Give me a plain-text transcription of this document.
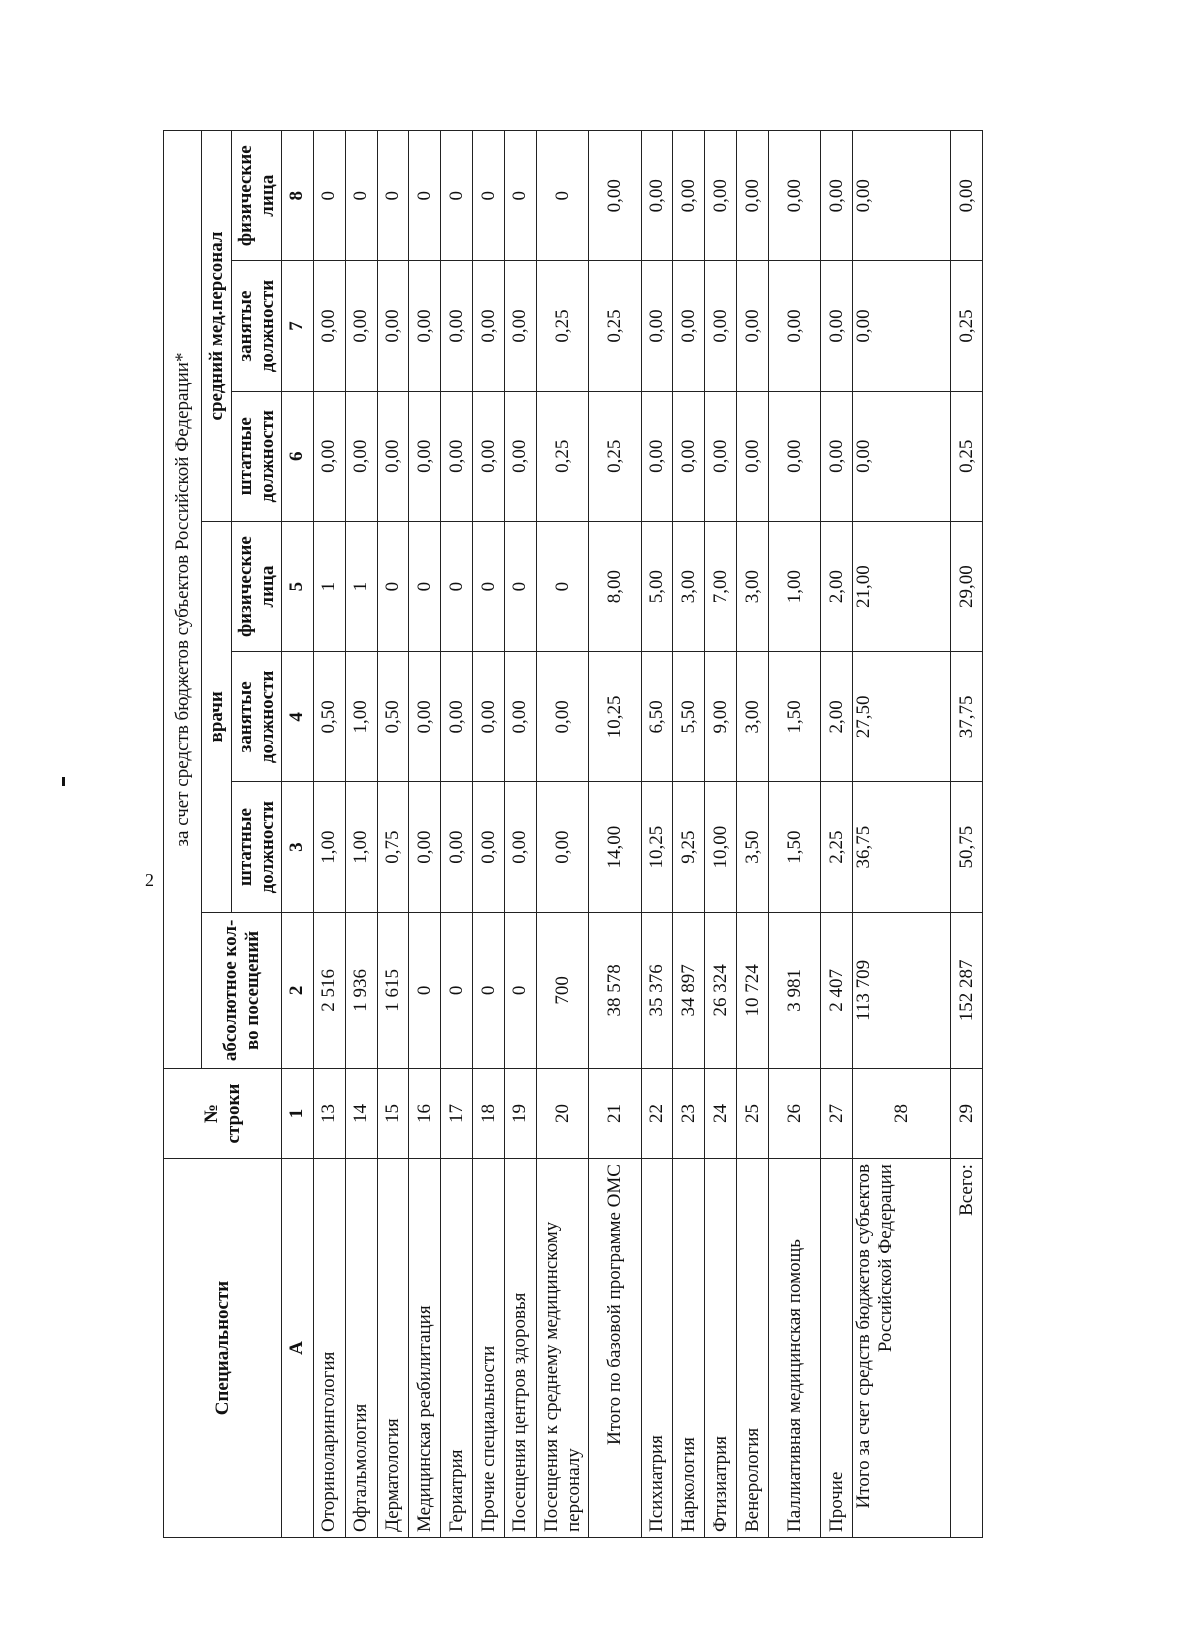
2
Специальности	№ строки	за счет средств бюджетов субъектов Российской Федерации*						
		абсолютное кол-во посещений	врачи			средний мед.персонал		
			штатные должности	занятые должности	физические лица	штатные должности	занятые должности	физические лица
А	1	2	3	4	5	6	7	8
Оториноларингология	13	2 516	1,00	0,50	1	0,00	0,00	0
Офтальмология	14	1 936	1,00	1,00	1	0,00	0,00	0
Дерматология	15	1 615	0,75	0,50	0	0,00	0,00	0
Медицинская реабилитация	16	0	0,00	0,00	0	0,00	0,00	0
Гериатрия	17	0	0,00	0,00	0	0,00	0,00	0
Прочие специальности	18	0	0,00	0,00	0	0,00	0,00	0
Посещения центров здоровья	19	0	0,00	0,00	0	0,00	0,00	0
Посещения к среднему медицинскому персоналу	20	700	0,00	0,00	0	0,25	0,25	0
Итого по базовой программе ОМС	21	38 578	14,00	10,25	8,00	0,25	0,25	0,00
Психиатрия	22	35 376	10,25	6,50	5,00	0,00	0,00	0,00
Наркология	23	34 897	9,25	5,50	3,00	0,00	0,00	0,00
Фтизиатрия	24	26 324	10,00	9,00	7,00	0,00	0,00	0,00
Венерология	25	10 724	3,50	3,00	3,00	0,00	0,00	0,00
Паллиативная медицинская помощь	26	3 981	1,50	1,50	1,00	0,00	0,00	0,00
Прочие	27	2 407	2,25	2,00	2,00	0,00	0,00	0,00
Итого за счет средств бюджетов субъектов Российской Федерации	28	113 709	36,75	27,50	21,00	0,00	0,00	0,00
Всего:	29	152 287	50,75	37,75	29,00	0,25	0,25	0,00
